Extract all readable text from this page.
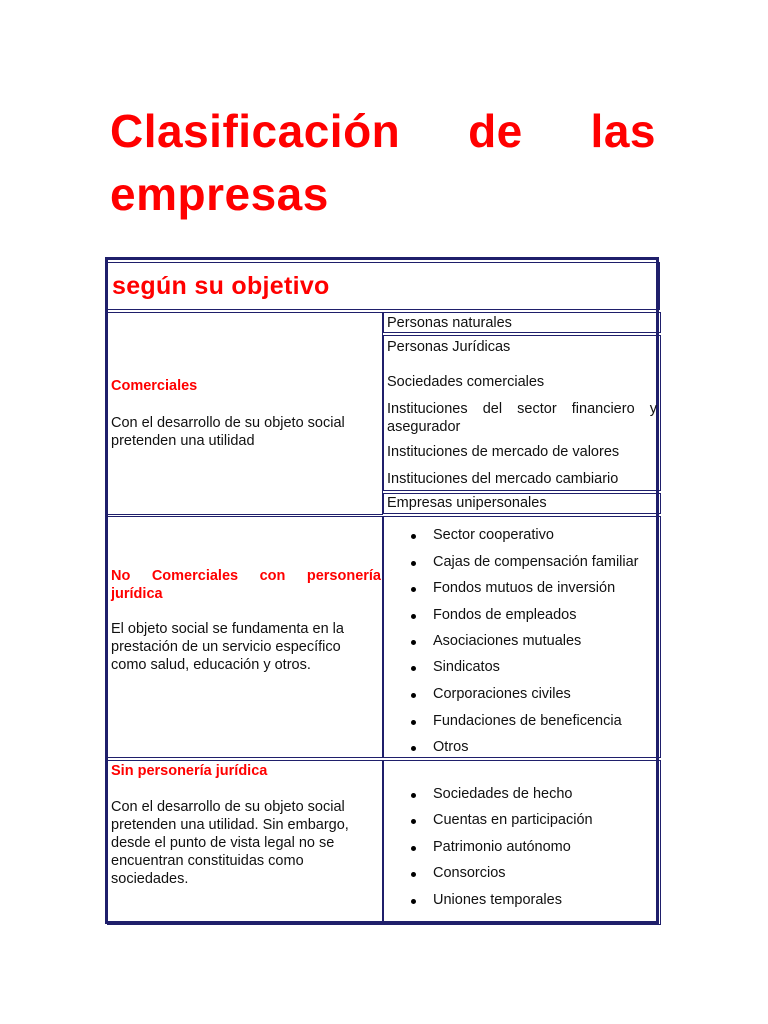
Clasificación de las empresas
según su objetivo
Comerciales
Con el desarrollo de su objeto social pretenden una utilidad
Personas naturales
Personas Jurídicas
Sociedades comerciales
Instituciones del sector financiero y asegurador
Instituciones de mercado de valores
Instituciones del mercado cambiario
Empresas unipersonales
No Comerciales con personería jurídica
El objeto social se fundamenta en la prestación de un servicio específico como salud, educación y otros.
Sector cooperativo
Cajas de compensación familiar
Fondos mutuos de inversión
Fondos de empleados
Asociaciones mutuales
Sindicatos
Corporaciones civiles
Fundaciones de beneficencia
Otros
Sin personería jurídica
Con el desarrollo de su objeto social pretenden una utilidad. Sin embargo, desde el punto de vista legal no se encuentran constituidas como sociedades.
Sociedades de hecho
Cuentas en participación
Patrimonio autónomo
Consorcios
Uniones temporales
